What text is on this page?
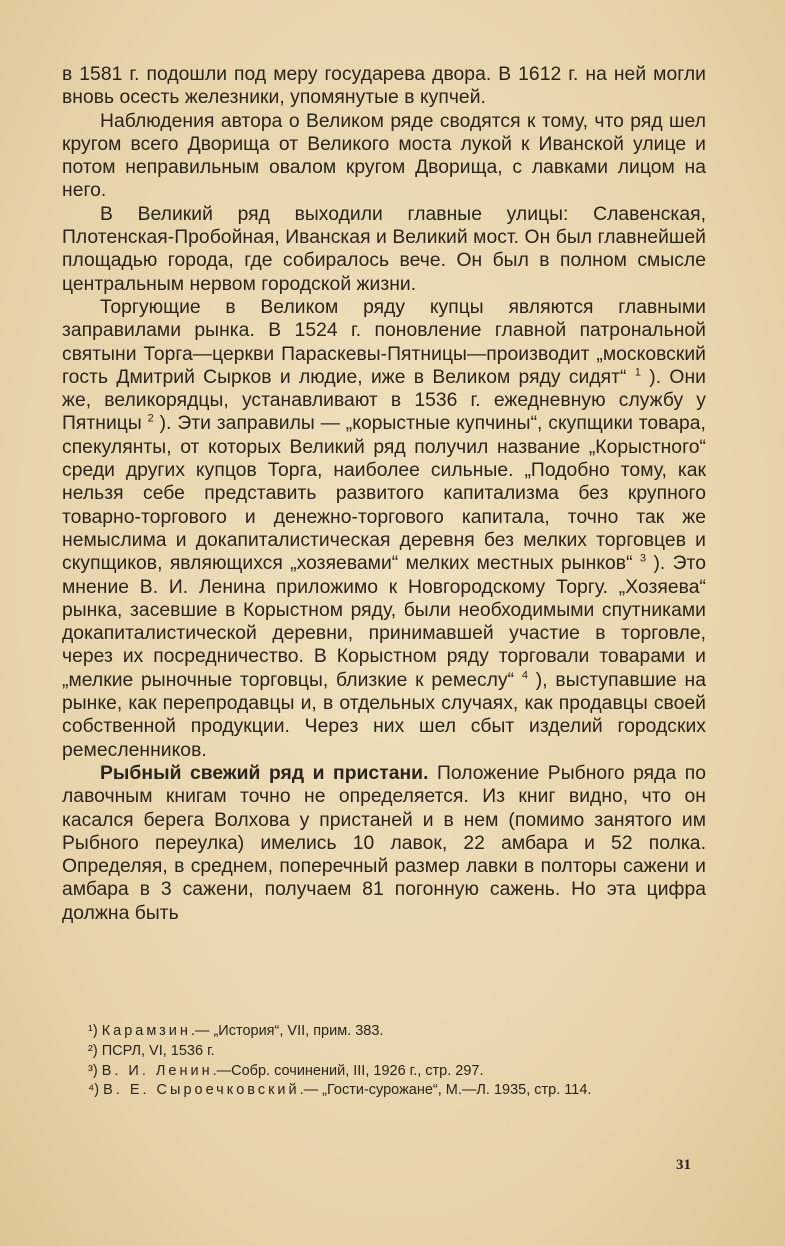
в 1581 г. подошли под меру государева двора. В 1612 г. на ней могли вновь осесть железники, упомянутые в купчей.

Наблюдения автора о Великом ряде сводятся к тому, что ряд шел кругом всего Дворища от Великого моста лукой к Иванской улице и потом неправильным овалом кругом Дворища, с лавками лицом на него.

В Великий ряд выходили главные улицы: Славенская, Плотенская-Пробойная, Иванская и Великий мост. Он был главнейшей площадью города, где собиралось вече. Он был в полном смысле центральным нервом городской жизни.

Торгующие в Великом ряду купцы являются главными заправилами рынка. В 1524 г. поновление главной патрональной святыни Торга—церкви Параскевы-Пятницы—производит „московский гость Дмитрий Сырков и людие, иже в Великом ряду сидят“ $^1$ ). Они же, великорядцы, устанавливают в 1536 г. ежедневную службу у Пятницы $^2$ ). Эти заправилы — „корыстные купчины“, скупщики товара, спекулянты, от которых Великий ряд получил название „Корыстного“ среди других купцов Торга, наиболее сильные. „Подобно тому, как нельзя себе представить развитого капитализма без крупного товарно-торгового и денежно-торгового капитала, точно так же немыслима и докапиталистическая деревня без мелких торговцев и скупщиков, являющихся „хозяевами“ мелких местных рынков“ $^3$ ). Это мнение В. И. Ленина приложимо к Новгородскому Торгу. „Хозяева“ рынка, засевшие в Корыстном ряду, были необходимыми спутниками докапиталистической деревни, принимавшей участие в торговле, через их посредничество. В Корыстном ряду торговали товарами и „мелкие рыночные торговцы, близкие к ремеслу“ $^4$ ), выступавшие на рынке, как перепродавцы и, в отдельных случаях, как продавцы своей собственной продукции. Через них шел сбыт изделий городских ремесленников.

Рыбный свежий ряд и пристани. Положение Рыбного ряда по лавочным книгам точно не определяется. Из книг видно, что он касался берега Волхова у пристаней и в нем (помимо занятого им Рыбного переулка) имелись 10 лавок, 22 амбара и 52 полка. Определяя, в среднем, поперечный размер лавки в полторы сажени и амбара в 3 сажени, получаем 81 погонную сажень. Но эта цифра должна быть

¹) Карамзин.— „История“, VII, прим. 383.

²) ПСРЛ, VI, 1536 г.

³) В. И. Ленин.—Собр. сочинений, III, 1926 г., стр. 297.

⁴) В. Е. Сыроечковский.— „Гости-сурожане“, М.—Л. 1935, стр. 114.

31
